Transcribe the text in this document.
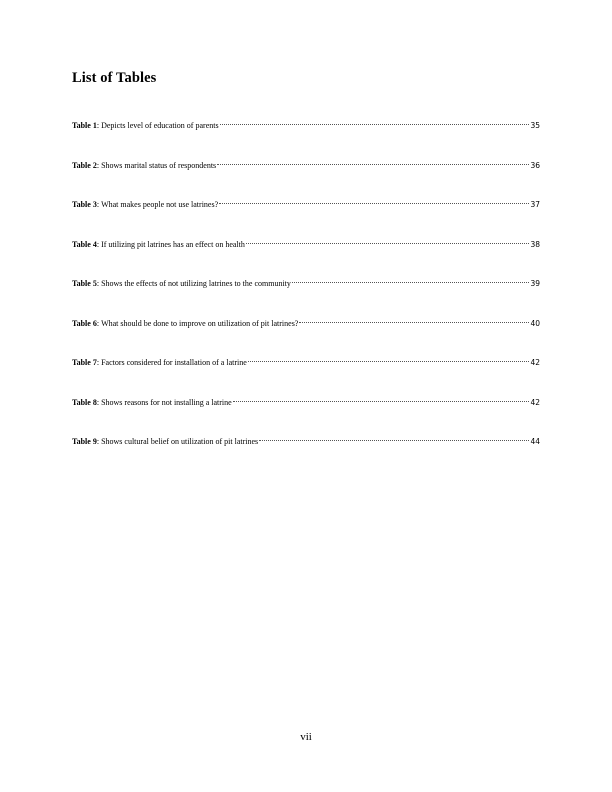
List of Tables
Table 1 : Depicts level of education of parents	35
Table 2 : Shows marital status of respondents	36
Table 3 : What makes people not use latrines?	37
Table 4 : If utilizing pit latrines has an effect on health	38
Table 5 : Shows the effects of not utilizing latrines to the community	39
Table 6 : What should be done to improve on utilization of pit latrines?	40
Table 7 : Factors considered for installation of a latrine	42
Table 8 : Shows reasons for not installing a latrine	42
Table 9 : Shows cultural belief on utilization of pit latrines	44
vii
